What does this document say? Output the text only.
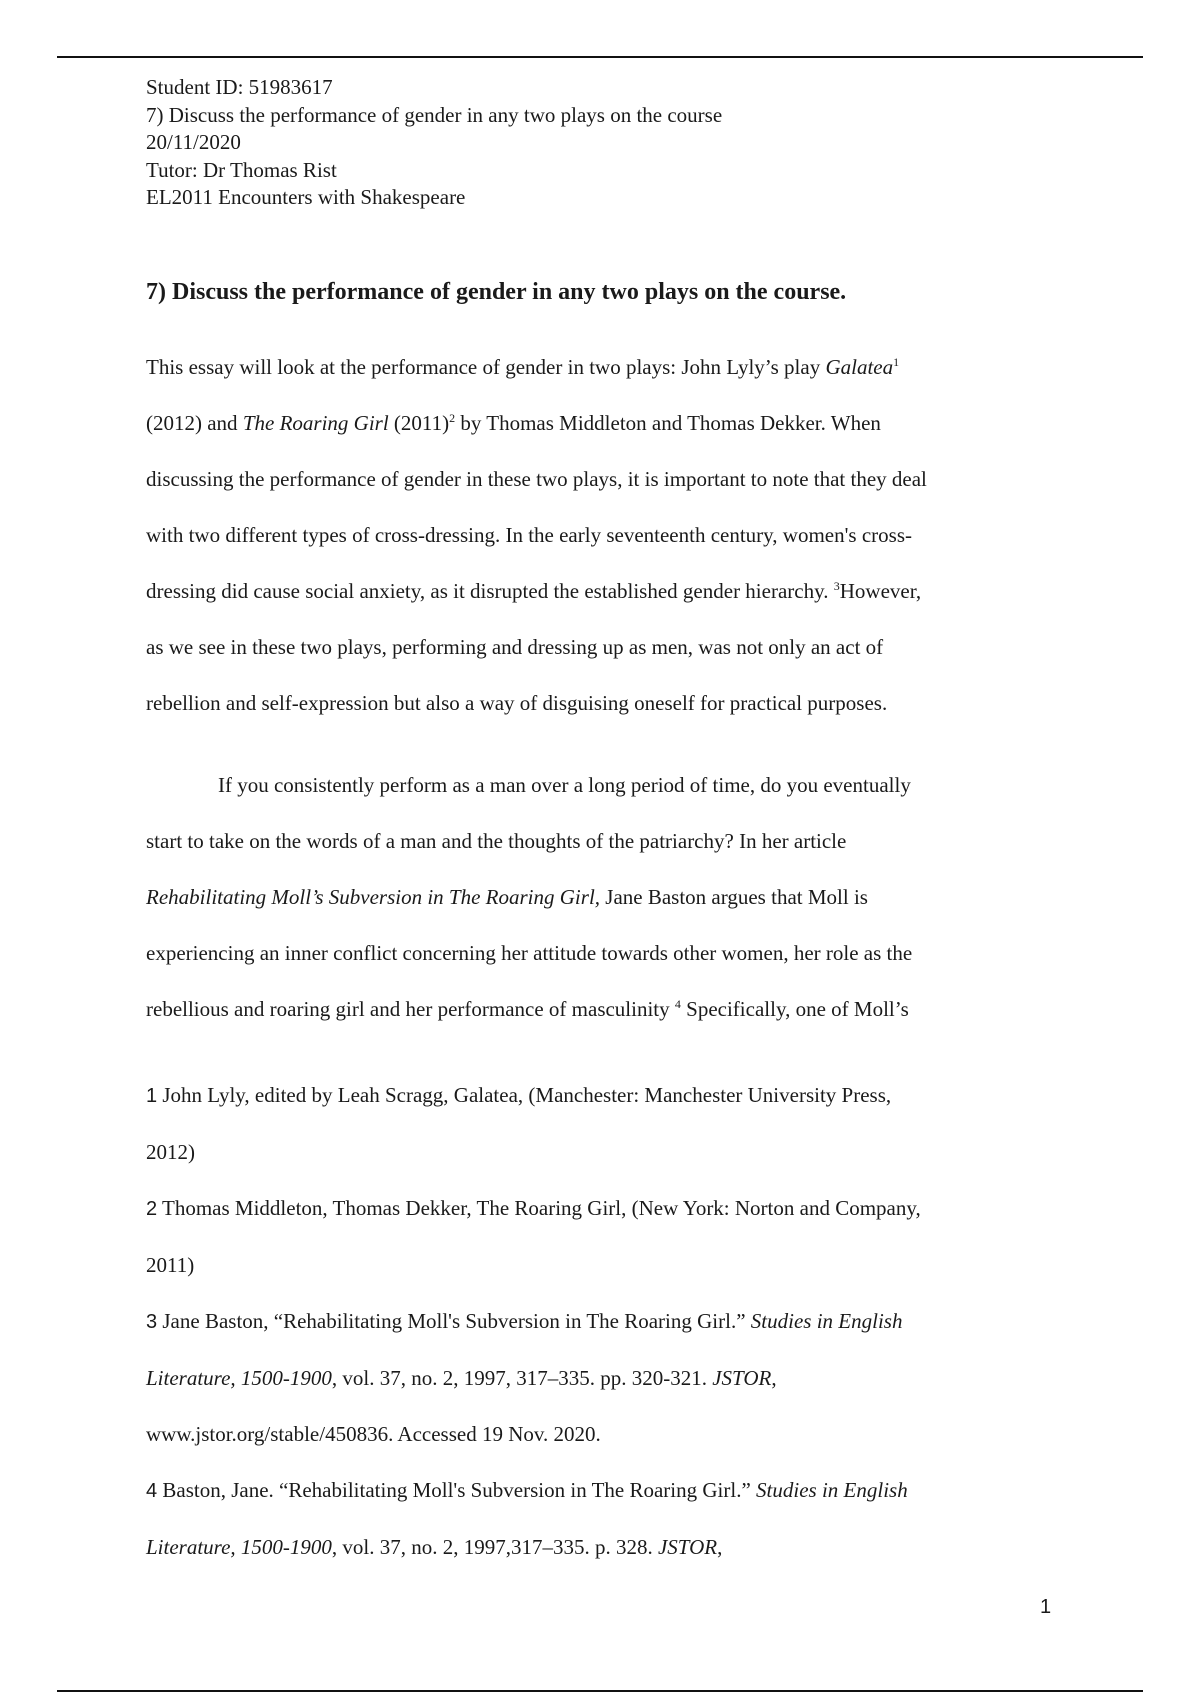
Student ID: 51983617
7) Discuss the performance of gender in any two plays on the course
20/11/2020
Tutor: Dr Thomas Rist
EL2011 Encounters with Shakespeare
7) Discuss the performance of gender in any two plays on the course.
This essay will look at the performance of gender in two plays: John Lyly’s play Galatea$^1$
(2012) and The Roaring Girl $(2011)^2$ by Thomas Middleton and Thomas Dekker. When
discussing the performance of gender in these two plays, it is important to note that they deal
with two different types of cross-dressing. In the early seventeenth century, women's cross-
dressing did cause social anxiety, as it disrupted the established gender hierarchy. $^3$However,
as we see in these two plays, performing and dressing up as men, was not only an act of
rebellion and self-expression but also a way of disguising oneself for practical purposes.
If you consistently perform as a man over a long period of time, do you eventually
start to take on the words of a man and the thoughts of the patriarchy? In her article
Rehabilitating Moll’s Subversion in The Roaring Girl, Jane Baston argues that Moll is
experiencing an inner conflict concerning her attitude towards other women, her role as the
rebellious and roaring girl and her performance of masculinity $^4$ Specifically, one of Moll’s
1 John Lyly, edited by Leah Scragg, Galatea, (Manchester: Manchester University Press,
2012)
2 Thomas Middleton, Thomas Dekker, The Roaring Girl, (New York: Norton and Company,
2011)
3 Jane Baston, “Rehabilitating Moll's Subversion in The Roaring Girl.” Studies in English
Literature, 1500-1900, vol. 37, no. 2, 1997, 317–335. pp. 320-321. JSTOR,
www.jstor.org/stable/450836. Accessed 19 Nov. 2020.
4 Baston, Jane. “Rehabilitating Moll's Subversion in The Roaring Girl.” Studies in English
Literature, 1500-1900, vol. 37, no. 2, 1997,317–335. p. 328. JSTOR,
1
